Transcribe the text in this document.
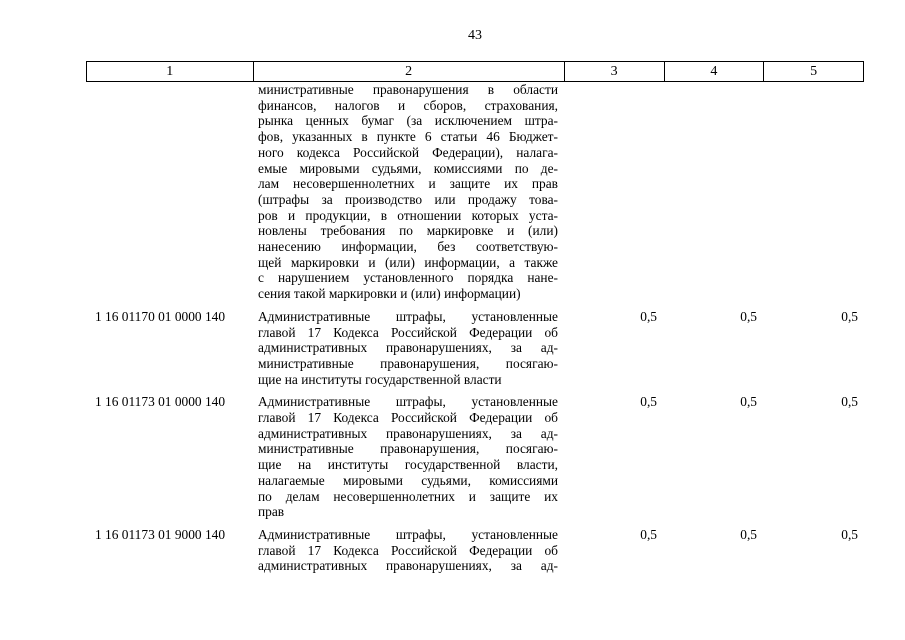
43
1	2	3	4	5
министративные правонарушения в области
финансов, налогов и сборов, страхования,
рынка ценных бумаг (за исключением штра-
фов, указанных в пункте 6 статьи 46 Бюджет-
ного кодекса Российской Федерации), налага-
емые мировыми судьями, комиссиями по де-
лам несовершеннолетних и защите их прав
(штрафы за производство или продажу това-
ров и продукции, в отношении которых уста-
новлены требования по маркировке и (или)
нанесению информации, без соответствую-
щей маркировки и (или) информации, а также
с нарушением установленного порядка нане-
сения такой маркировки и (или) информации)
1 16 01170 01 0000 140	Административные штрафы, установленные
главой 17 Кодекса Российской Федерации об
административных правонарушениях, за ад-
министративные правонарушения, посягаю-
щие на институты государственной власти
0,5	0,5	0,5
1 16 01173 01 0000 140	Административные штрафы, установленные
главой 17 Кодекса Российской Федерации об
административных правонарушениях, за ад-
министративные правонарушения, посягаю-
щие на институты государственной власти,
налагаемые мировыми судьями, комиссиями
по делам несовершеннолетних и защите их
прав
0,5	0,5	0,5
1 16 01173 01 9000 140	Административные штрафы, установленные
главой 17 Кодекса Российской Федерации об
административных правонарушениях, за ад-
0,5	0,5	0,5
